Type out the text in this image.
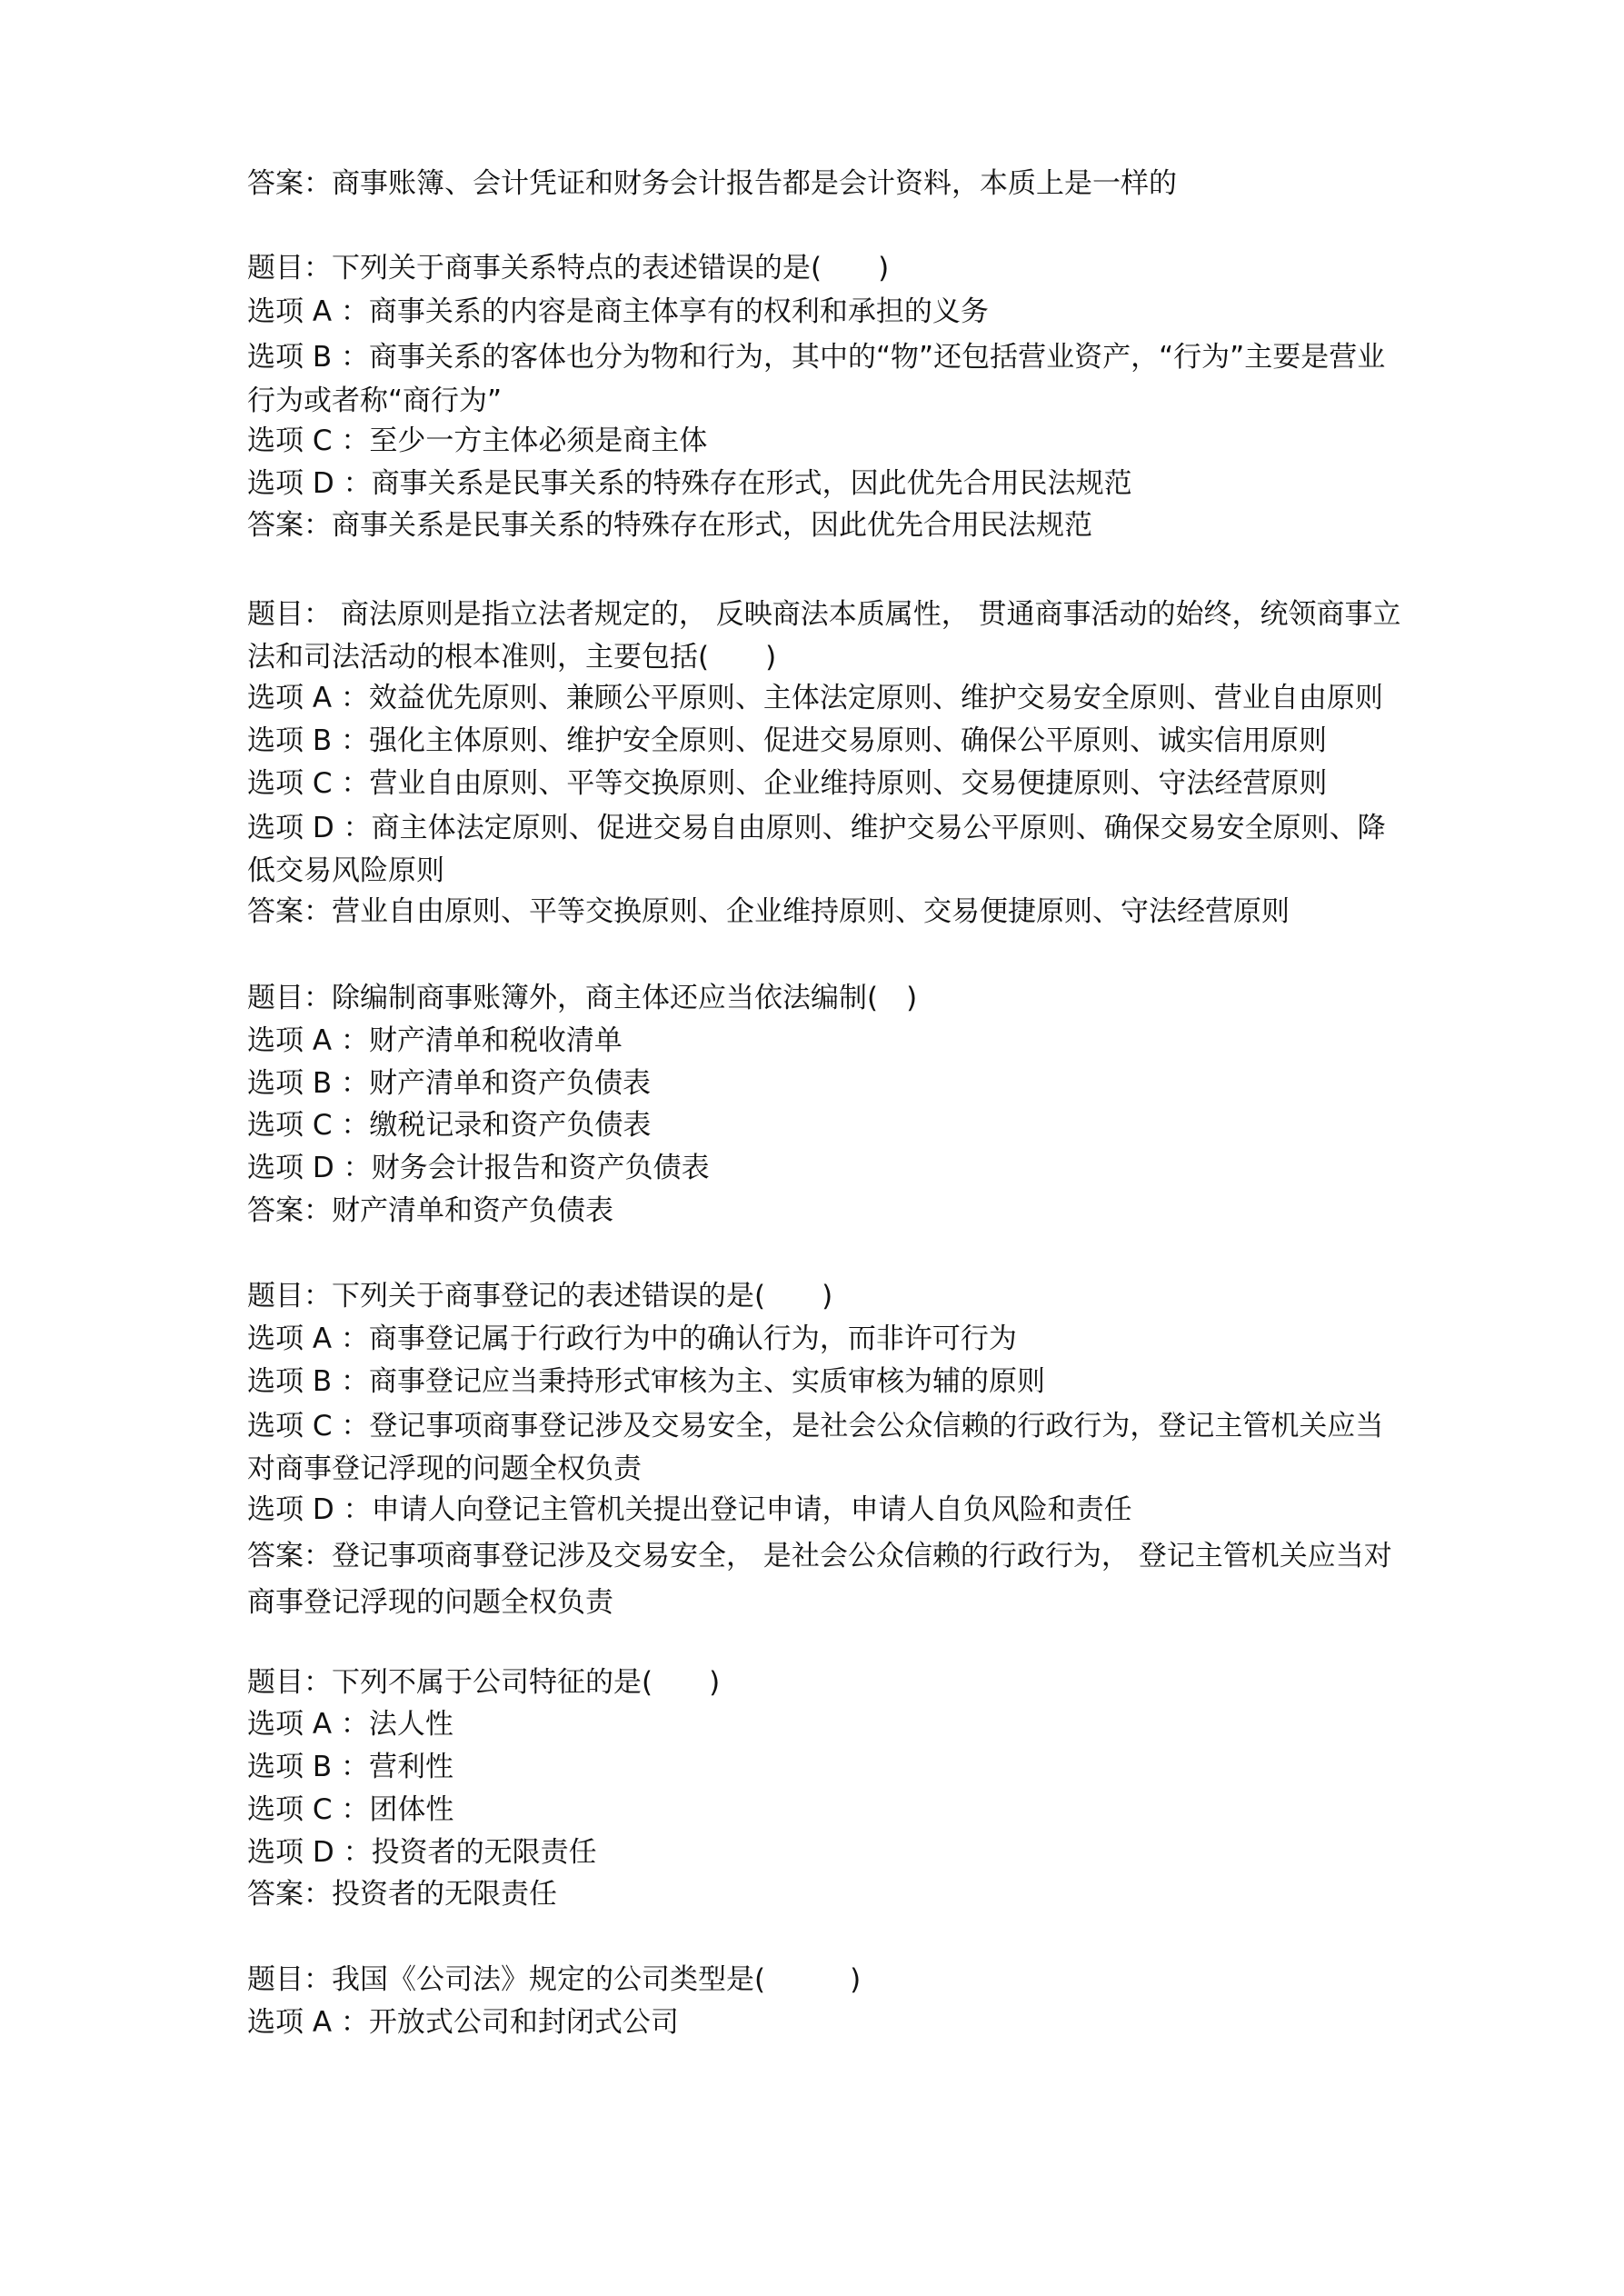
答案：商事账簿、会计凭证和财务会计报告都是会计资料，本质上是一样的

题目：下列关于商事关系特点的表述错误的是(　　)

选项 A ：商事关系的内容是商主体享有的权利和承担的义务

选项 B ：商事关系的客体也分为物和行为，其中的“物”还包括营业资产，“行为”主要是营业

行为或者称“商行为”

选项 C ：至少一方主体必须是商主体

选项 D ：商事关系是民事关系的特殊存在形式，因此优先合用民法规范

答案：商事关系是民事关系的特殊存在形式，因此优先合用民法规范

题目： 商法原则是指立法者规定的， 反映商法本质属性， 贯通商事活动的始终，统领商事立

法和司法活动的根本准则，主要包括(　　)

选项 A ：效益优先原则、兼顾公平原则、主体法定原则、维护交易安全原则、营业自由原则

选项 B ：强化主体原则、维护安全原则、促进交易原则、确保公平原则、诚实信用原则

选项 C ：营业自由原则、平等交换原则、企业维持原则、交易便捷原则、守法经营原则

选项 D ：商主体法定原则、促进交易自由原则、维护交易公平原则、确保交易安全原则、降

低交易风险原则

答案：营业自由原则、平等交换原则、企业维持原则、交易便捷原则、守法经营原则

题目：除编制商事账簿外，商主体还应当依法编制(　)

选项 A ：财产清单和税收清单

选项 B ：财产清单和资产负债表

选项 C ：缴税记录和资产负债表

选项 D ：财务会计报告和资产负债表

答案：财产清单和资产负债表

题目：下列关于商事登记的表述错误的是(　　)

选项 A ：商事登记属于行政行为中的确认行为，而非许可行为

选项 B ：商事登记应当秉持形式审核为主、实质审核为辅的原则

选项 C ：登记事项商事登记涉及交易安全，是社会公众信赖的行政行为，登记主管机关应当

对商事登记浮现的问题全权负责

选项 D ：申请人向登记主管机关提出登记申请，申请人自负风险和责任

答案：登记事项商事登记涉及交易安全， 是社会公众信赖的行政行为， 登记主管机关应当对

商事登记浮现的问题全权负责

题目：下列不属于公司特征的是(　　)

选项 A ：法人性

选项 B ：营利性

选项 C ：团体性

选项 D ：投资者的无限责任

答案：投资者的无限责任

题目：我国《公司法》规定的公司类型是(　　　)

选项 A ：开放式公司和封闭式公司
